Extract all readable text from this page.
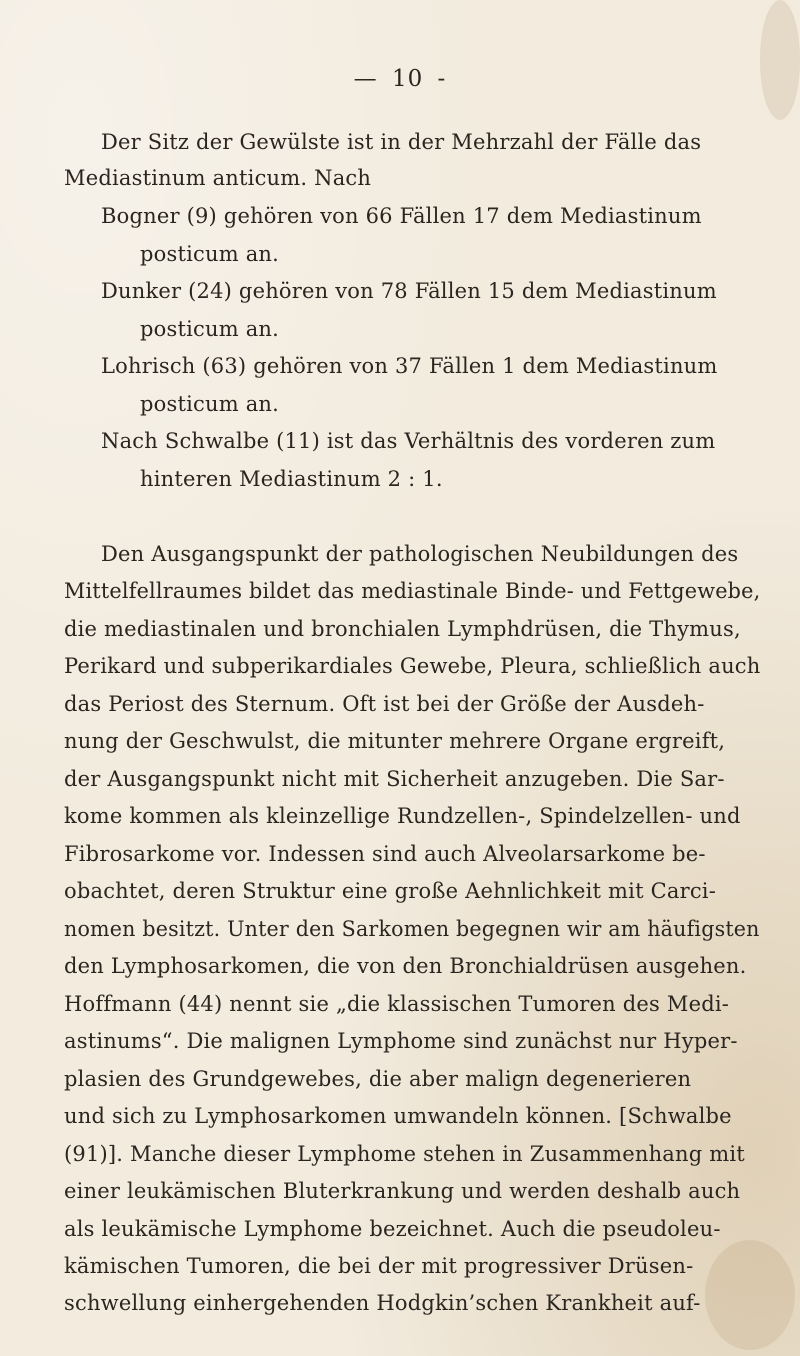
— 10 -
Der Sitz der Gewülste ist in der Mehrzahl der Fälle das
Mediastinum anticum. Nach
Bogner (9) gehören von 66 Fällen 17 dem Mediastinum
posticum an.
Dunker (24) gehören von 78 Fällen 15 dem Mediastinum
posticum an.
Lohrisch (63) gehören von 37 Fällen 1 dem Mediastinum
posticum an.
Nach Schwalbe (11) ist das Verhältnis des vorderen zum
hinteren Mediastinum 2 : 1.
Den Ausgangspunkt der pathologischen Neubildungen des
Mittelfellraumes bildet das mediastinale Binde- und Fettgewebe,
die mediastinalen und bronchialen Lymphdrüsen, die Thymus,
Perikard und subperikardiales Gewebe, Pleura, schließlich auch
das Periost des Sternum. Oft ist bei der Größe der Ausdeh-
nung der Geschwulst, die mitunter mehrere Organe ergreift,
der Ausgangspunkt nicht mit Sicherheit anzugeben. Die Sar-
kome kommen als kleinzellige Rundzellen-, Spindelzellen- und
Fibrosarkome vor. Indessen sind auch Alveolarsarkome be-
obachtet, deren Struktur eine große Aehnlichkeit mit Carci-
nomen besitzt. Unter den Sarkomen begegnen wir am häufigsten
den Lymphosarkomen, die von den Bronchialdrüsen ausgehen.
Hoffmann (44) nennt sie „die klassischen Tumoren des Medi-
astinums“. Die malignen Lymphome sind zunächst nur Hyper-
plasien des Grundgewebes, die aber malign degenerieren
und sich zu Lymphosarkomen umwandeln können. [Schwalbe
(91)]. Manche dieser Lymphome stehen in Zusammenhang mit
einer leukämischen Bluterkrankung und werden deshalb auch
als leukämische Lymphome bezeichnet. Auch die pseudoleu-
kämischen Tumoren, die bei der mit progressiver Drüsen-
schwellung einhergehenden Hodgkin’schen Krankheit auf-
